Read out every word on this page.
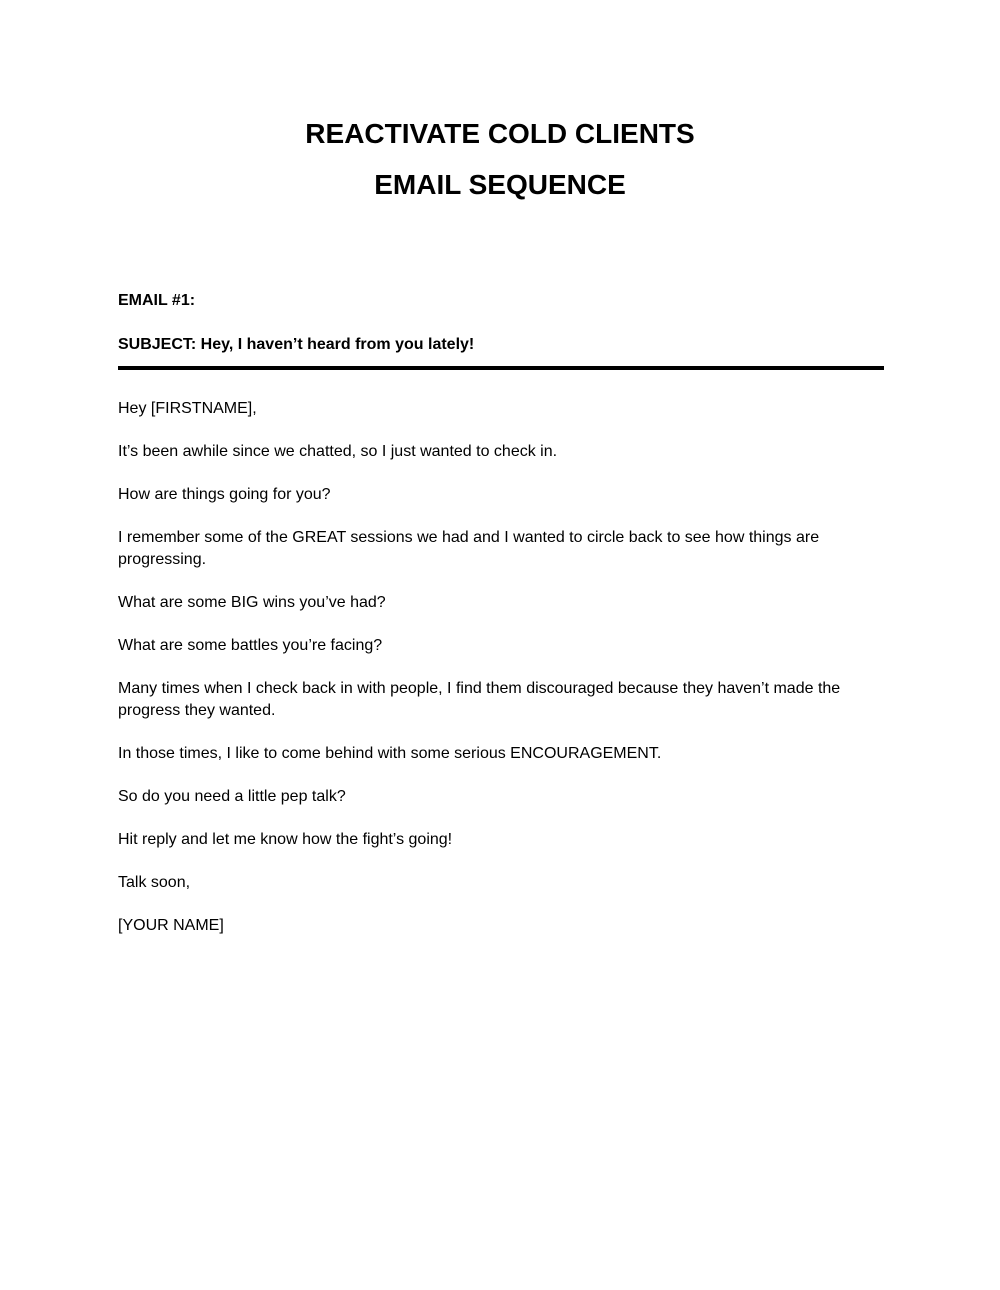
REACTIVATE COLD CLIENTS
EMAIL SEQUENCE
EMAIL #1:
SUBJECT: Hey, I haven’t heard from you lately!

Hey [FIRSTNAME],

It’s been awhile since we chatted, so I just wanted to check in.

How are things going for you?

I remember some of the GREAT sessions we had and I wanted to circle back to see how things are progressing.

What are some BIG wins you’ve had?

What are some battles you’re facing?

Many times when I check back in with people, I find them discouraged because they haven’t made the progress they wanted.

In those times, I like to come behind with some serious ENCOURAGEMENT.

So do you need a little pep talk?

Hit reply and let me know how the fight’s going!

Talk soon,

[YOUR NAME]
